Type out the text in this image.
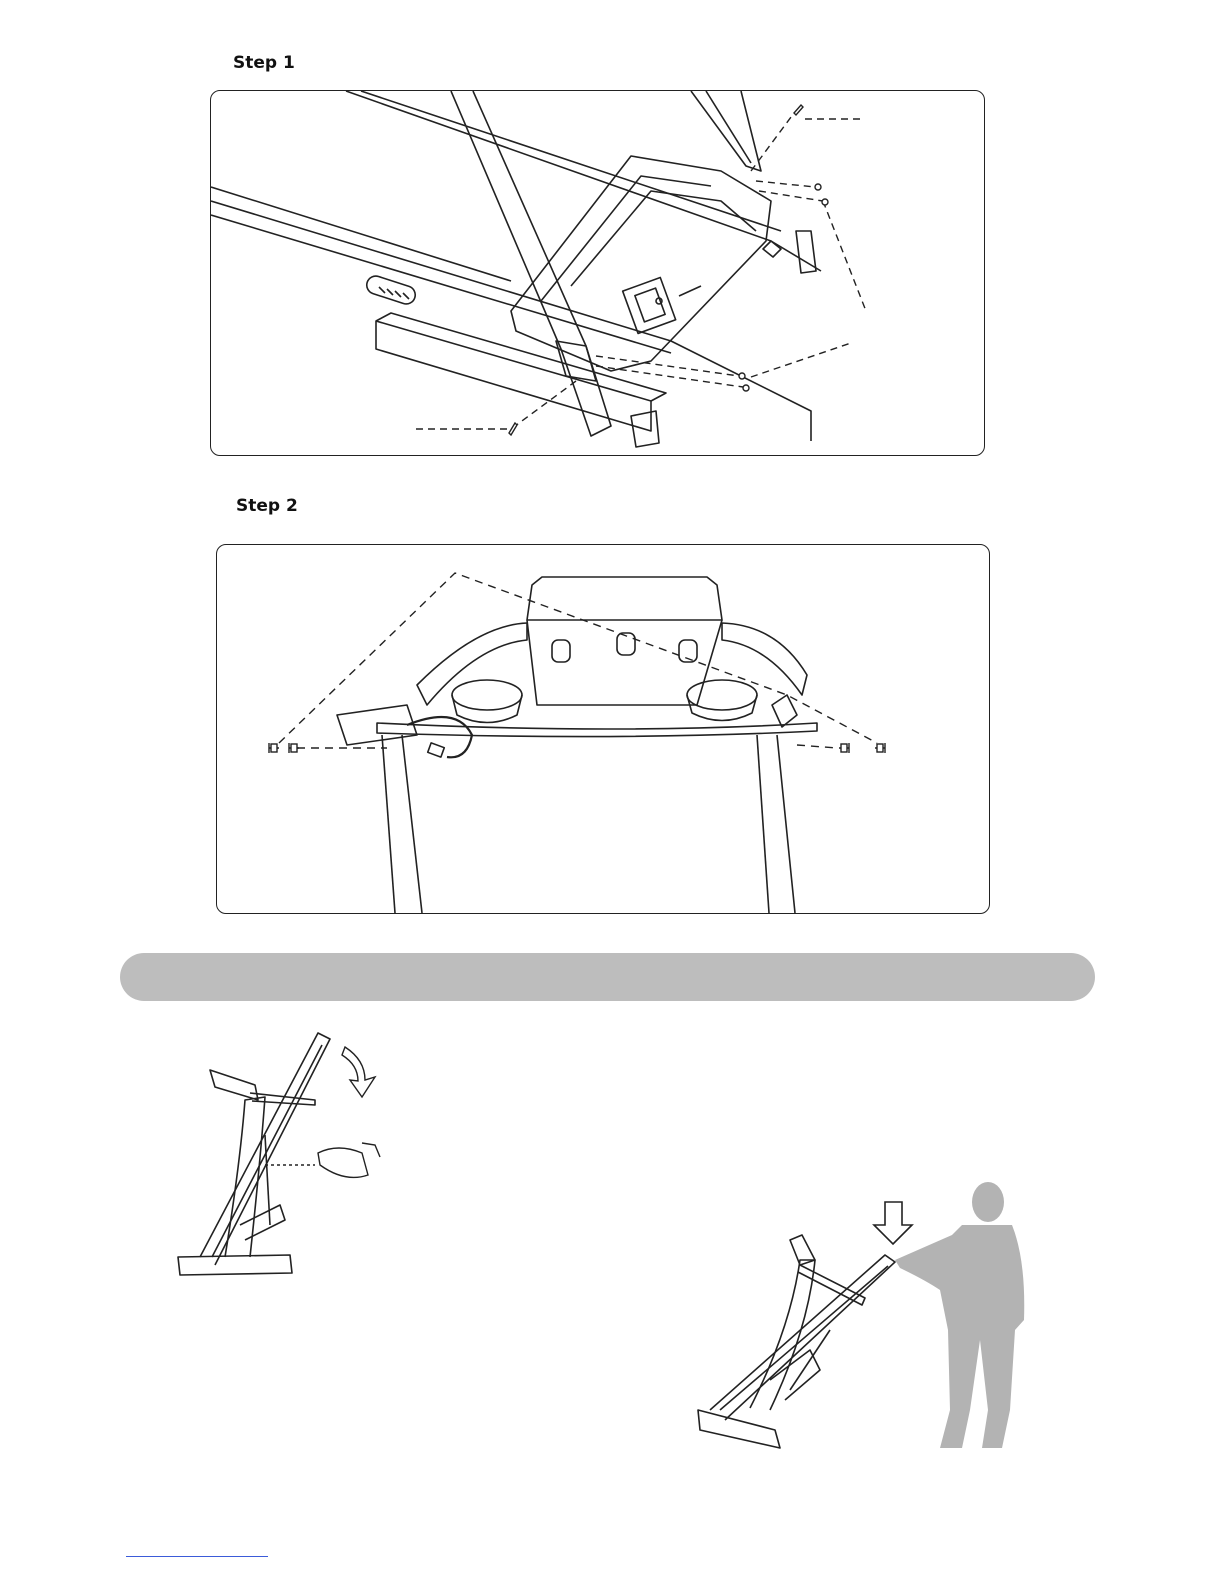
Step 1
Step 2
